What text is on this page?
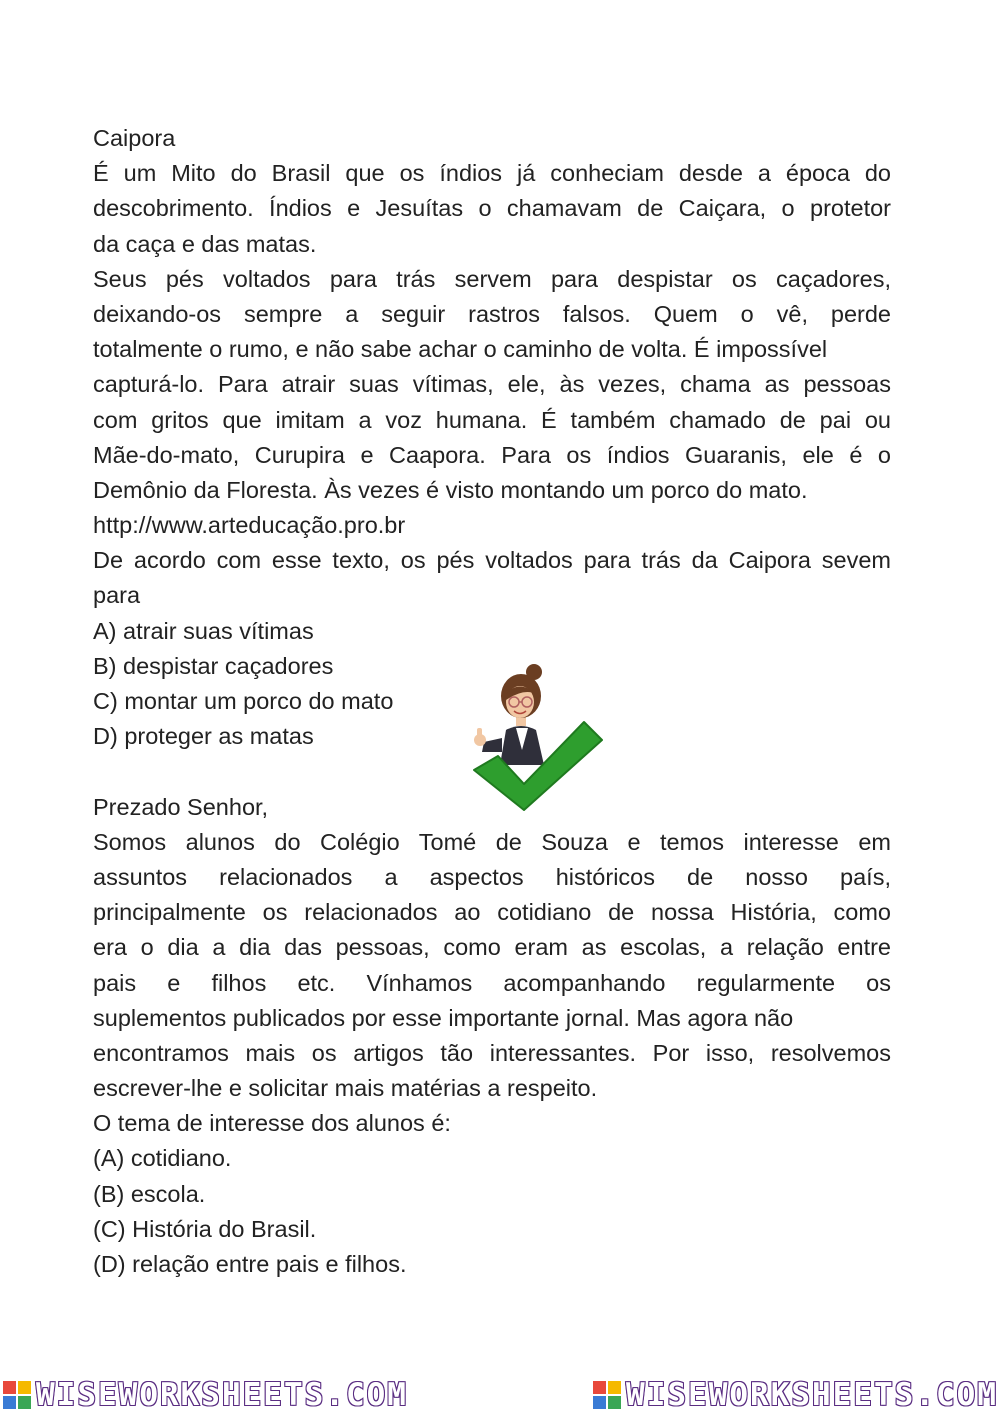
Caipora
É um Mito do Brasil que os índios já conheciam desde a época do
descobrimento. Índios e Jesuítas o chamavam de Caiçara, o protetor
da caça e das matas.
Seus pés voltados para trás servem para despistar os caçadores,
deixando-os sempre a seguir rastros falsos. Quem o vê, perde
totalmente o rumo, e não sabe achar o caminho de volta. É impossível
capturá-lo. Para atrair suas vítimas, ele, às vezes, chama as pessoas
com gritos que imitam a voz humana. É também chamado de pai ou
Mãe-do-mato, Curupira e Caapora. Para os índios Guaranis, ele é o
Demônio da Floresta. Às vezes é visto montando um porco do mato.
http://www.arteducação.pro.br
De acordo com esse texto, os pés voltados para trás da Caipora sevem
para
A) atrair suas vítimas
B) despistar caçadores
C) montar um porco do mato
D) proteger as matas
Prezado Senhor,
Somos alunos do Colégio Tomé de Souza e temos interesse em
assuntos relacionados a aspectos históricos de nosso país,
principalmente os relacionados ao cotidiano de nossa História, como
era o dia a dia das pessoas, como eram as escolas, a relação entre
pais e filhos etc. Vínhamos acompanhando regularmente os
suplementos publicados por esse importante jornal. Mas agora não
encontramos mais os artigos tão interessantes. Por isso, resolvemos
escrever-lhe e solicitar mais matérias a respeito.
O tema de interesse dos alunos é:
(A) cotidiano.
(B) escola.
(C) História do Brasil.
(D) relação entre pais e filhos.
WISEWORKSHEETS.COM	WISEWORKSHEETS.COM
